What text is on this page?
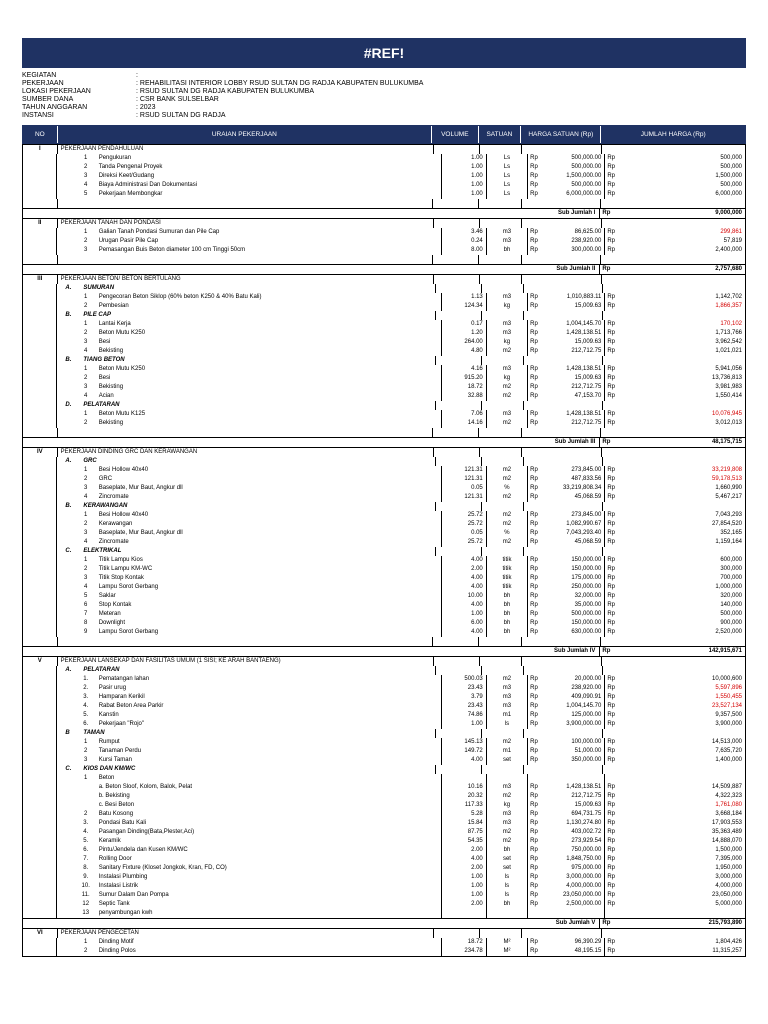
#REF!
KEGIATAN	:
PEKERJAAN	: REHABILITASI INTERIOR LOBBY RSUD SULTAN DG RADJA KABUPATEN BULUKUMBA
LOKASI PEKERJAAN	: RSUD SULTAN DG RADJA KABUPATEN BULUKUMBA
SUMBER DANA	: CSR BANK SULSELBAR
TAHUN ANGGARAN	: 2023
INSTANSI	: RSUD SULTAN DG RADJA
NO	URAIAN PEKERJAAN	VOLUME	SATUAN	HARGA SATUAN (Rp)	JUMLAH HARGA (Rp)
I	PEKERJAAN PENDAHULUAN
1	Pengukuran	1.00	Ls	Rp	500,000.00 Rp	500,000
2	Tanda Pengenal Proyek	1.00	Ls	Rp	500,000.00 Rp	500,000
3	Direksi Keet/Gudang	1.00	Ls	Rp	1,500,000.00 Rp	1,500,000
4	Biaya Administrasi Dan Dokumentasi	1.00	Ls	Rp	500,000.00 Rp	500,000
5	Pekerjaan Membongkar	1.00	Ls	Rp	6,000,000.00 Rp	6,000,000
Sub Jumlah I	Rp	9,000,000
II	PEKERJAAN TANAH DAN PONDASI
1	Galian Tanah Pondasi Sumuran dan Pile Cap	3.46	m3	Rp	86,625.00 Rp	299,861
2	Urugan Pasir Pile Cap	0.24	m3	Rp	238,920.00 Rp	57,819
3	Pemasangan Buis Beton diameter 100 cm Tinggi 50cm	8.00	bh	Rp	300,000.00 Rp	2,400,000
Sub Jumlah II	Rp	2,757,680
III	PEKERJAAN BETON/ BETON BERTULANG
A.	SUMURAN
1	Pengecoran Beton Siklop (60% beton K250 & 40% Batu Kali)	1.13	m3	Rp	1,010,883.11 Rp	1,142,702
2	Pembesian	124.34	kg	Rp	15,009.63 Rp	1,866,357
B.	PILE CAP
1	Lantai Kerja	0.17	m3	Rp	1,004,145.70 Rp	170,102
2	Beton Mutu K250	1.20	m3	Rp	1,428,138.51 Rp	1,713,766
3	Besi	264.00	kg	Rp	15,009.63 Rp	3,962,542
4	Bekisting	4.80	m2	Rp	212,712.75 Rp	1,021,021
B.	TIANG BETON
1	Beton Mutu K250	4.16	m3	Rp	1,428,138.51 Rp	5,941,056
2	Besi	915.20	kg	Rp	15,009.63 Rp	13,736,813
3	Bekisting	18.72	m2	Rp	212,712.75 Rp	3,981,983
4	Acian	32.88	m2	Rp	47,153.70 Rp	1,550,414
D.	PELATARAN
1	Beton Mutu K125	7.06	m3	Rp	1,428,138.51 Rp	10,076,945
2	Bekisting	14.16	m2	Rp	212,712.75 Rp	3,012,013
Sub Jumlah III	Rp	48,175,715
IV	PEKERJAAN DINDING GRC DAN KERAWANGAN
A.	GRC
1	Besi Hollow 40x40	121.31	m2	Rp	273,845.00 Rp	33,219,808
2	GRC	121.31	m2	Rp	487,833.56 Rp	59,178,513
3	Baseplate, Mur Baut, Angkur dll	0.05	%	Rp	33,219,808.34 Rp	1,660,990
4	Zincromate	121.31	m2	Rp	45,068.59 Rp	5,467,217
B.	KERAWANGAN
1	Besi Hollow 40x40	25.72	m2	Rp	273,845.00 Rp	7,043,293
2	Kerawangan	25.72	m2	Rp	1,082,990.67 Rp	27,854,520
3	Baseplate, Mur Baut, Angkur dll	0.05	%	Rp	7,043,293.40 Rp	352,165
4	Zincromate	25.72	m2	Rp	45,068.59 Rp	1,159,164
C.	ELEKTRIKAL
1	Titik Lampu Kios	4.00	titik	Rp	150,000.00 Rp	600,000
2	Titik Lampu KM-WC	2.00	titik	Rp	150,000.00 Rp	300,000
3	Titik Stop Kontak	4.00	titik	Rp	175,000.00 Rp	700,000
4	Lampu Sorot Gerbang	4.00	titik	Rp	250,000.00 Rp	1,000,000
5	Saklar	10.00	bh	Rp	32,000.00 Rp	320,000
6	Stop Kontak	4.00	bh	Rp	35,000.00 Rp	140,000
7	Meteran	1.00	bh	Rp	500,000.00 Rp	500,000
8	Downlight	6.00	bh	Rp	150,000.00 Rp	900,000
9	Lampu Sorot Gerbang	4.00	bh	Rp	630,000.00 Rp	2,520,000
Sub Jumlah IV	Rp	142,915,671
V	PEKERJAAN LANSEKAP DAN FASILITAS UMUM (1 SISI; KE ARAH BANTAENG)
A.	PELATARAN
1.	Pematangan lahan	500.03	m2	Rp	20,000.00 Rp	10,000,600
2.	Pasir urug	23.43	m3	Rp	238,920.00 Rp	5,597,896
3.	Hamparan Kerikil	3.79	m3	Rp	409,090.91 Rp	1,550,455
4.	Rabat Beton Area Parkir	23.43	m3	Rp	1,004,145.70 Rp	23,527,134
5.	Kanstin	74.86	m1	Rp	125,000.00 Rp	9,357,500
6.	Pekerjaan "Rojo"	1.00	ls	Rp	3,900,000.00 Rp	3,900,000
B	TAMAN
1	Rumput	145.13	m2	Rp	100,000.00 Rp	14,513,000
2	Tanaman Perdu	149.72	m1	Rp	51,000.00 Rp	7,635,720
3	Kursi Taman	4.00	set	Rp	350,000.00 Rp	1,400,000
C.	KIOS DAN KM/WC
1	Beton
a. Beton Sloof, Kolom, Balok, Pelat	10.16	m3	Rp	1,428,138.51 Rp	14,509,887
b. Bekisting	20.32	m2	Rp	212,712.75 Rp	4,322,323
c. Besi Beton	117.33	kg	Rp	15,009.63 Rp	1,761,080
2	Batu Kosong	5.28	m3	Rp	694,731.75 Rp	3,668,184
3.	Pondasi Batu Kali	15.84	m3	Rp	1,130,274.80 Rp	17,903,553
4.	Pasangan Dinding(Bata,Plester,Aci)	87.75	m2	Rp	403,002.72 Rp	35,363,489
5.	Keramik	54.35	m2	Rp	273,929.54 Rp	14,888,070
6.	Pintu/Jendela dan Kusen KM/WC	2.00	bh	Rp	750,000.00 Rp	1,500,000
7.	Rolling Door	4.00	set	Rp	1,848,750.00 Rp	7,395,000
8.	Sanitary Fixture (Kloset Jongkok, Kran, FD, CO)	2.00	set	Rp	975,000.00 Rp	1,950,000
9.	Instalasi Plumbing	1.00	ls	Rp	3,000,000.00 Rp	3,000,000
10.	Instalasi Listrik	1.00	ls	Rp	4,000,000.00 Rp	4,000,000
11.	Sumur Dalam Dan Pompa	1.00	ls	Rp	23,050,000.00 Rp	23,050,000
12	Septic Tank	2.00	bh	Rp	2,500,000.00 Rp	5,000,000
13	penyambungan kwh
Sub Jumlah V	Rp	215,793,890
VI	PEKERJAAN PENGECETAN
1	Dinding Motif	18.72	M²	Rp	96,390.29 Rp	1,804,426
2	Dinding Polos	234.78	M²	Rp	48,195.15 Rp	11,315,257
